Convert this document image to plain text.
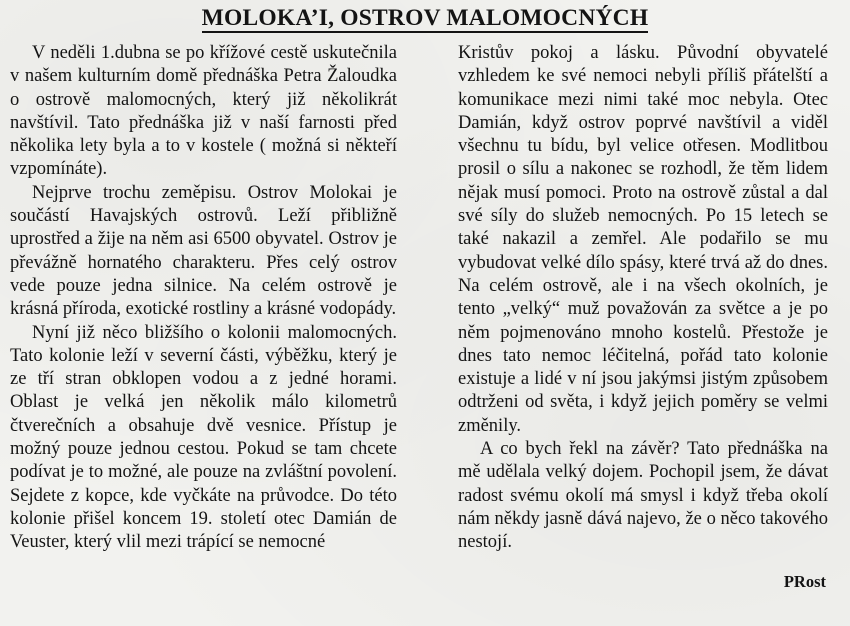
MOLOKA’I, OSTROV MALOMOCNÝCH

V neděli 1.dubna se po křížové cestě uskutečnila v našem kulturním domě přednáška Petra Žaloudka o ostrově malomocných, který již několikrát navštívil. Tato přednáška již v naší farnosti před několika lety byla a to v kostele ( možná si někteří vzpomínáte).

Nejprve trochu zeměpisu. Ostrov Molokai je součástí Havajských ostrovů. Leží přibližně uprostřed a žije na něm asi 6500 obyvatel. Ostrov je převážně hornatého charakteru. Přes celý ostrov vede pouze jedna silnice. Na celém ostrově je krásná příroda, exotické rostliny a krásné vodopády.

Nyní již něco bližšího o kolonii malomocných. Tato kolonie leží v severní části, výběžku, který je ze tří stran obklopen vodou a z jedné horami. Oblast je velká jen několik málo kilometrů čtverečních a obsahuje dvě vesnice. Přístup je možný pouze jednou cestou. Pokud se tam chcete podívat je to možné, ale pouze na zvláštní povolení. Sejdete z kopce, kde vyčkáte na průvodce. Do této kolonie přišel koncem 19. století otec Damián de Veuster, který vlil mezi trápící se nemocné

Kristův pokoj a lásku. Původní obyvatelé vzhledem ke své nemoci nebyli příliš přátelští a komunikace mezi nimi také moc nebyla. Otec Damián, když ostrov poprvé navštívil a viděl všechnu tu bídu, byl velice otřesen. Modlitbou prosil o sílu a nakonec se rozhodl, že těm lidem nějak musí pomoci. Proto na ostrově zůstal a dal své síly do služeb nemocných. Po 15 letech se také nakazil a zemřel. Ale podařilo se mu vybudovat velké dílo spásy, které trvá až do dnes. Na celém ostrově, ale i na všech okolních, je tento „velký“ muž považován za světce a je po něm pojmenováno mnoho kostelů. Přestože je dnes tato nemoc léčitelná, pořád tato kolonie existuje a lidé v ní jsou jakýmsi jistým způsobem odtrženi od světa, i když jejich poměry se velmi změnily.

A co bych řekl na závěr? Tato přednáška na mě udělala velký dojem. Pochopil jsem, že dávat radost svému okolí má smysl i když třeba okolí nám někdy jasně dává najevo, že o něco takového nestojí.

PRost
